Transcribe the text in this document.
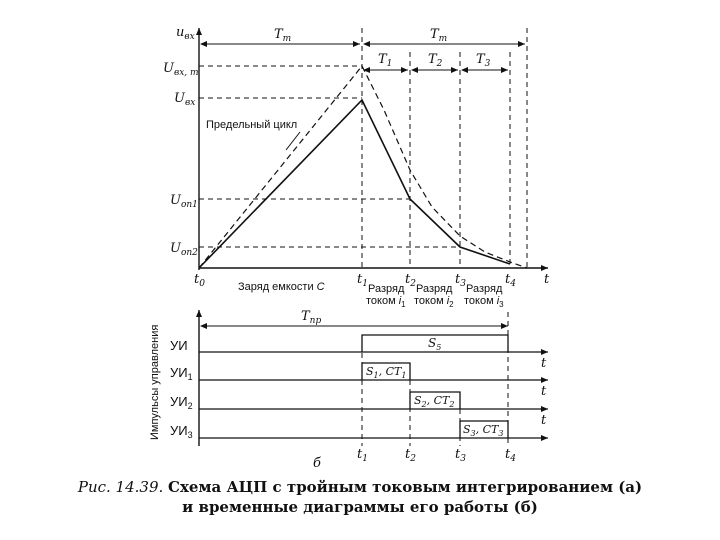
$u_{вх}$
$U_{вх, т}$
$U_{вх}$
$U_{оп1}$
$U_{оп2}$
$T_т$	$T_т$
$T_1$	$T_2$	$T_3$
Предельный цикл
t
$t_0$	$t_1$	$t_2$	$t_3$	$t_4$
Заряд емкости C	Разряд
током $i_1$
Разряд
током $i_2$
Разряд
током $i_3$
Импульсы управления
$T_{пр}$
УИ
$УИ_1$
$УИ_2$
$УИ_3$
$S_5$
$S_1$, $СТ_1$
$S_2$, $СТ_2$
$S_3$, $СТ_3$
t
t
t
$t_1$	$t_2$	$t_3$	$t_4$
б
Рис. 14.39. Схема АЦП с тройным токовым интегрированием (а)
и временные диаграммы его работы (б)
